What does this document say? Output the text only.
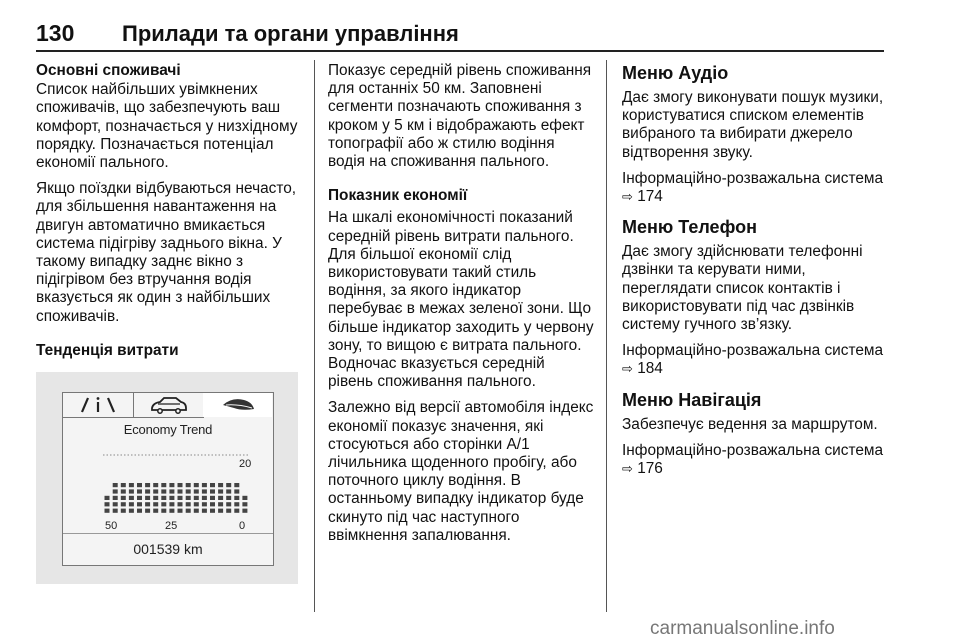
130 Прилади та органи управління
Основні споживачі

Список найбільших увімкнених споживачів, що забезпечують ваш комфорт, позначається у низхідному порядку. Позначається потенціал економії пального.

Якщо поїздки відбуваються нечасто, для збільшення навантаження на двигун автоматично вмикається система підігріву заднього вікна. У такому випадку заднє вікно з підігрівом без втручання водія вказується як один з найбільших споживачів.

Тенденція витрати
Economy Trend
20
50	25	0
001539 km

Показує середній рівень споживання для останніх 50 км. Заповнені сегменти позначають споживання з кроком у 5 км і відображають ефект топографії або ж стилю водіння водія на споживання пального.

Показник економії

На шкалі економічності показаний середній рівень витрати пального. Для більшої економії слід використовувати такий стиль водіння, за якого індикатор перебуває в межах зеленої зони. Що більше індикатор заходить у червону зону, то вищою є витрата пального. Водночас вказується середній рівень споживання пального.

Залежно від версії автомобіля індекс економії показує значення, які стосуються або сторінки A/1 лічильника щоденного пробігу, або поточного циклу водіння. В останньому випадку індикатор буде скинуто під час наступного ввімкнення запалювання.

Меню Аудіо

Дає змогу виконувати пошук музики, користуватися списком елементів вибраного та вибирати джерело відтворення звуку.

Інформаційно-розважальна система ⇨ 174

Меню Телефон

Дає змогу здійснювати телефонні дзвінки та керувати ними, переглядати список контактів і використовувати під час дзвінків систему гучного зв’язку.

Інформаційно-розважальна система ⇨ 184

Меню Навігація

Забезпечує ведення за маршрутом.

Інформаційно-розважальна система ⇨ 176

carmanualsonline.info
